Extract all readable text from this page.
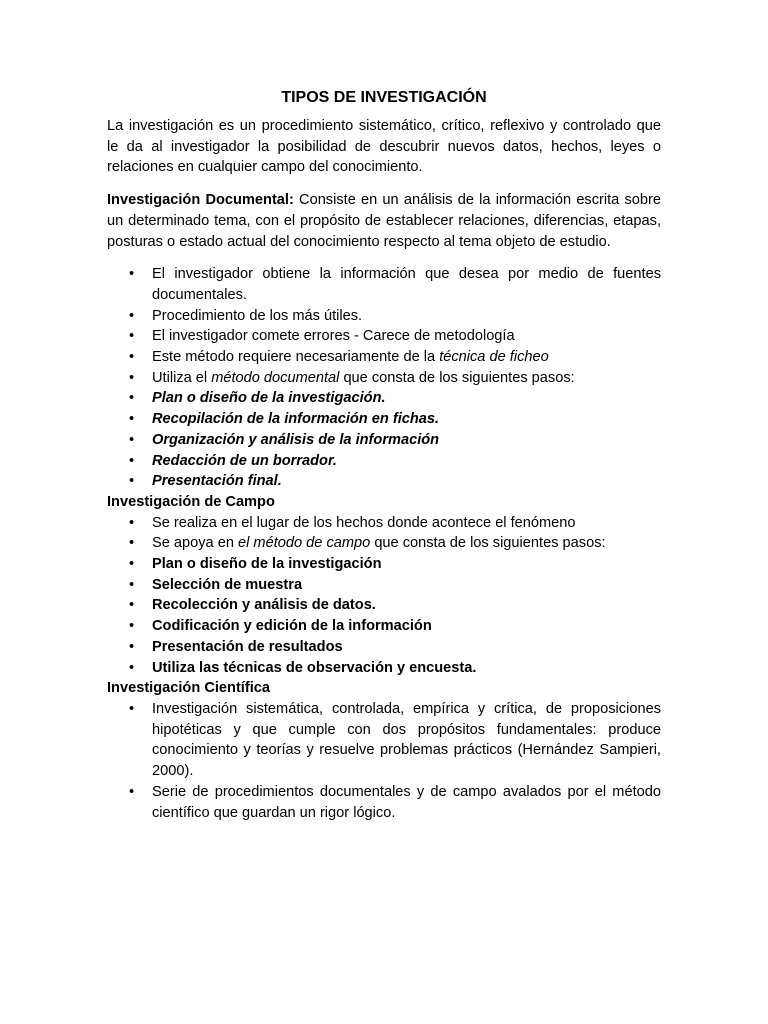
TIPOS DE INVESTIGACIÓN

La investigación es un procedimiento sistemático, crítico, reflexivo y controlado que le da al investigador la posibilidad de descubrir nuevos datos, hechos, leyes o relaciones en cualquier campo del conocimiento.

Investigación Documental: Consiste en un análisis de la información escrita sobre un determinado tema, con el propósito de establecer relaciones, diferencias, etapas, posturas o estado actual del conocimiento respecto al tema objeto de estudio.

• El investigador obtiene la información que desea por medio de fuentes documentales.
• Procedimiento de los más útiles.
• El investigador comete errores - Carece de metodología
• Este método requiere necesariamente de la técnica de ficheo
• Utiliza el método documental que consta de los siguientes pasos:
• Plan o diseño de la investigación.
• Recopilación de la información en fichas.
• Organización y análisis de la información
• Redacción de un borrador.
• Presentación final.

Investigación de Campo

• Se realiza en el lugar de los hechos donde acontece el fenómeno
• Se apoya en el método de campo que consta de los siguientes pasos:
• Plan o diseño de la investigación
• Selección de muestra
• Recolección y análisis de datos.
• Codificación y edición de la información
• Presentación de resultados
• Utiliza las técnicas de observación y encuesta.

Investigación Científica

• Investigación sistemática, controlada, empírica y crítica, de proposiciones hipotéticas y que cumple con dos propósitos fundamentales: produce conocimiento y teorías y resuelve problemas prácticos (Hernández Sampieri, 2000).
• Serie de procedimientos documentales y de campo avalados por el método científico que guardan un rigor lógico.
